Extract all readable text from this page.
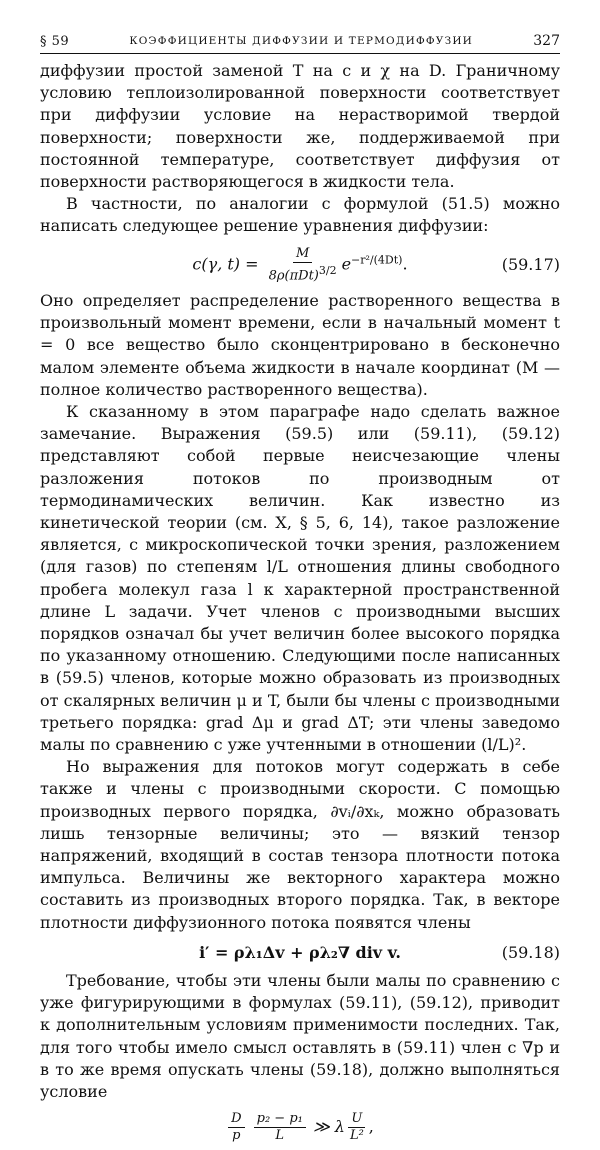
§ 59	КОЭФФИЦИЕНТЫ ДИФФУЗИИ И ТЕРМОДИФФУЗИИ	327

диффузии простой заменой T на c и χ на D. Граничному условию теплоизолированной поверхности соответствует при диффузии условие на нерастворимой твердой поверхности; поверхности же, поддерживаемой при постоянной температуре, соответствует диффузия от поверхности растворяющегося в жидкости тела.

В частности, по аналогии с формулой (51.5) можно написать следующее решение уравнения диффузии:

c(γ, $t) = \frac{M}{8\rho(\pi Dt)^{3/2}} e^{-r^2/(4Dt)}$.	(59.17)

Оно определяет распределение растворенного вещества в произвольный момент времени, если в начальный момент t = 0 все вещество было сконцентрировано в бесконечно малом элементе объема жидкости в начале координат (M — полное количество растворенного вещества).

К сказанному в этом параграфе надо сделать важное замечание. Выражения (59.5) или (59.11), (59.12) представляют собой первые неисчезающие члены разложения потоков по производным от термодинамических величин. Как известно из кинетической теории (см. X, § 5, 6, 14), такое разложение является, с микроскопической точки зрения, разложением (для газов) по степеням l/L отношения длины свободного пробега молекул газа l к характерной пространственной длине L задачи. Учет членов с производными высших порядков означал бы учет величин более высокого порядка по указанному отношению. Следующими после написанных в (59.5) членов, которые можно образовать из производных от скалярных величин μ и T, были бы члены с производными третьего порядка: grad Δμ и grad ΔT; эти члены заведомо малы по сравнению с уже учтенными в отношении (l/L)².

Но выражения для потоков могут содержать в себе также и члены с производными скорости. С помощью производных первого порядка, ∂vᵢ/∂xₖ, можно образовать лишь тензорные величины; это — вязкий тензор напряжений, входящий в состав тензора плотности потока импульса. Величины же векторного характера можно составить из производных второго порядка. Так, в векторе плотности диффузионного потока появятся члены

i′ = ρλ₁Δv + ρλ₂∇ div v.	(59.18)

Требование, чтобы эти члены были малы по сравнению с уже фигурирующими в формулах (59.11), (59.12), приводит к дополнительным условиям применимости последних. Так, для того чтобы имело смысл оставлять в (59.11) член с ∇p и в то же время опускать члены (59.18), должно выполняться условие

$\frac{D}{p}$
$\frac{\text{p₂ − p₁}}{L}$ ≫ λ $\frac{U}{\text{L²}}$ ,
